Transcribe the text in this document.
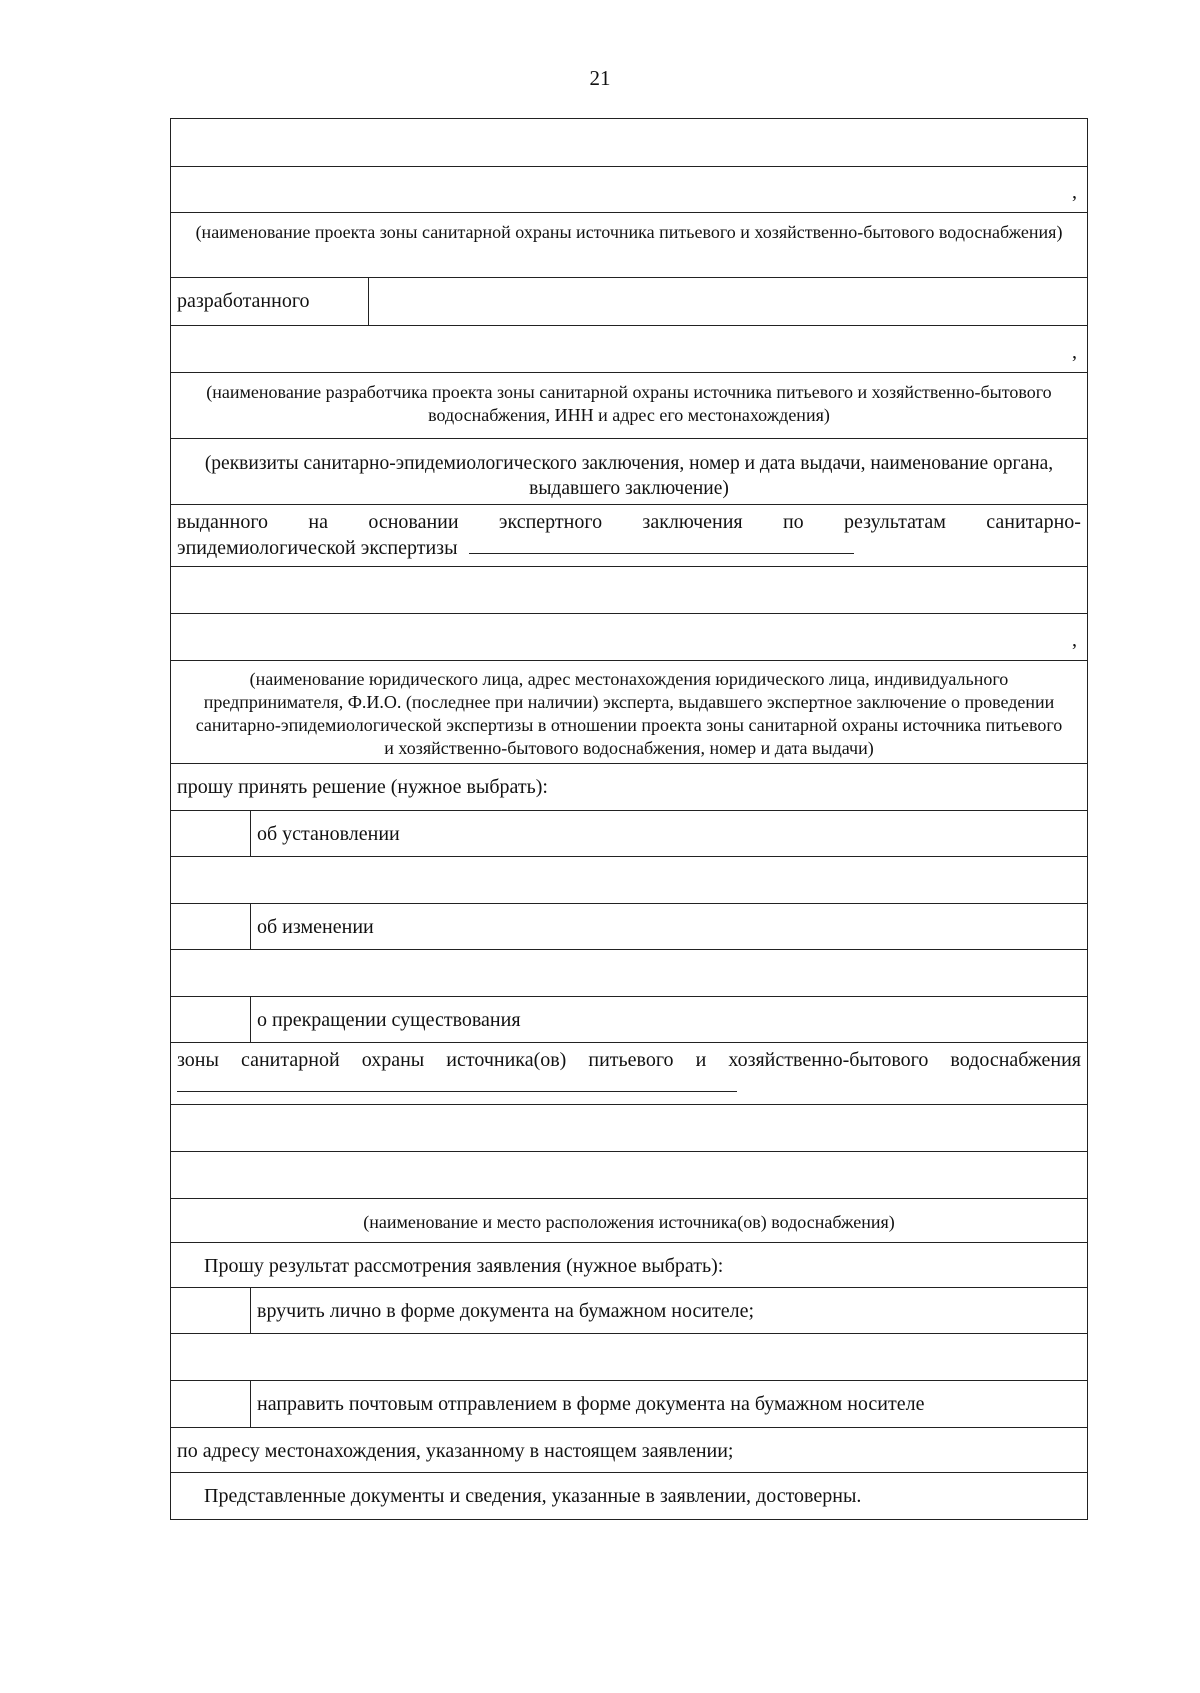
21
,
(наименование проекта зоны санитарной охраны источника питьевого и хозяйственно-бытового водоснабжения)
разработанного
,
(наименование разработчика проекта зоны санитарной охраны источника питьевого и хозяйственно-бытового водоснабжения, ИНН и адрес его местонахождения)
(реквизиты санитарно-эпидемиологического заключения, номер и дата выдачи, наименование органа, выдавшего заключение)
выданного на основании экспертного заключения по результатам санитарно-
эпидемиологической экспертизы
,
(наименование юридического лица, адрес местонахождения юридического лица, индивидуального предпринимателя, Ф.И.О. (последнее при наличии) эксперта, выдавшего экспертное заключение о проведении санитарно-эпидемиологической экспертизы в отношении проекта зоны санитарной охраны источника питьевого и хозяйственно-бытового водоснабжения, номер и дата выдачи)
прошу принять решение (нужное выбрать):
об установлении
об изменении
о прекращении существования
зоны санитарной охраны источника(ов) питьевого и хозяйственно-бытового водоснабжения
(наименование и место расположения источника(ов) водоснабжения)
Прошу результат рассмотрения заявления (нужное выбрать):
вручить лично в форме документа на бумажном носителе;
направить почтовым отправлением в форме документа на бумажном носителе
по адресу местонахождения, указанному в настоящем заявлении;
Представленные документы и сведения, указанные в заявлении, достоверны.
